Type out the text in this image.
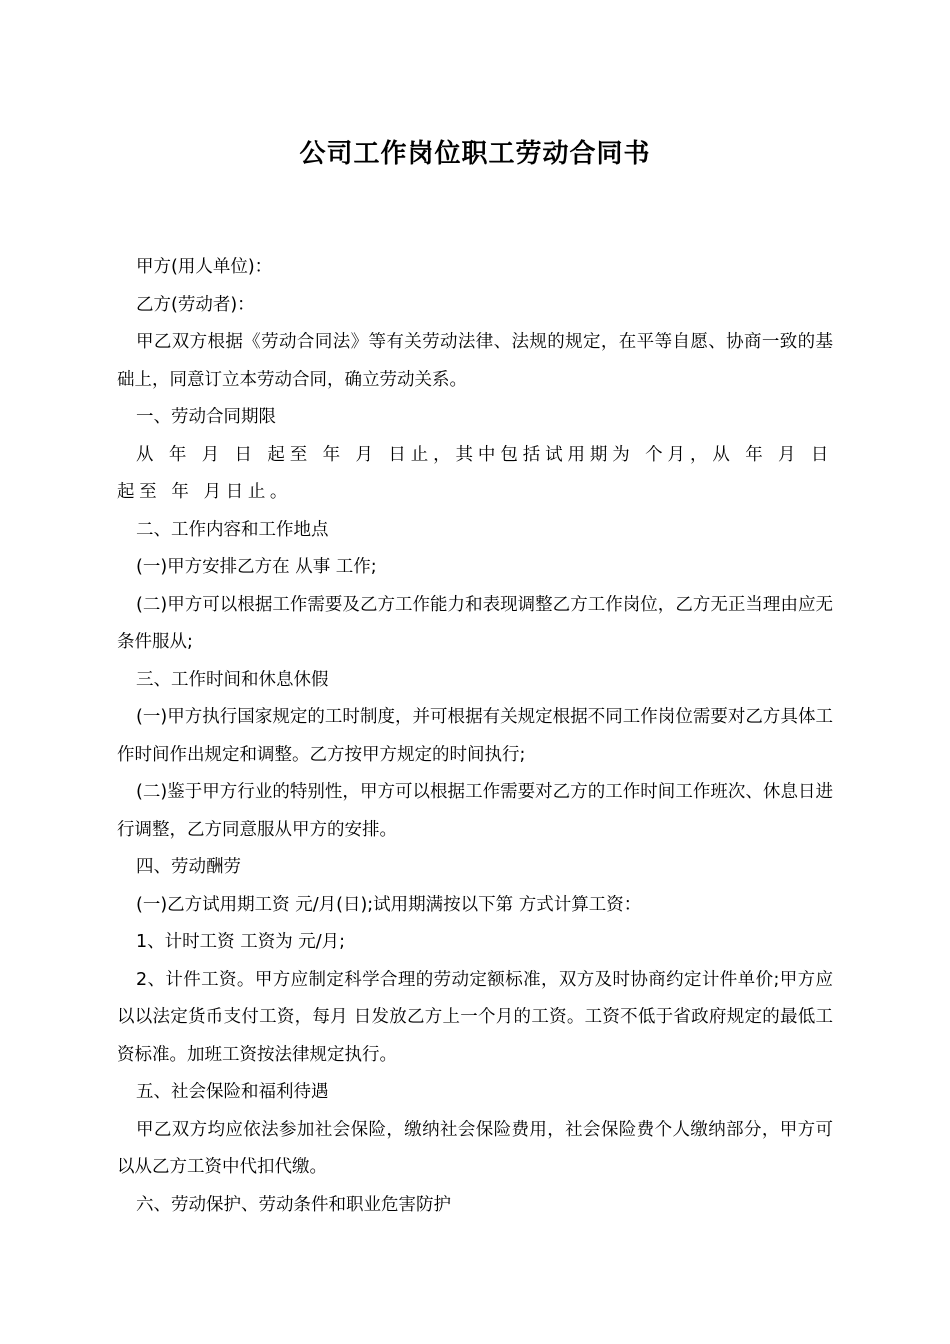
公司工作岗位职工劳动合同书

甲方(用人单位)：

乙方(劳动者)：

甲乙双方根据《劳动合同法》等有关劳动法律、法规的规定，在平等自愿、协商一致的基础上，同意订立本劳动合同，确立劳动关系。

一、劳动合同期限

从 年 月 日 起至 年 月 日止，其中包括试用期为 个月，从 年 月 日起至 年 月日止。

二、工作内容和工作地点

(一)甲方安排乙方在 从事 工作;

(二)甲方可以根据工作需要及乙方工作能力和表现调整乙方工作岗位，乙方无正当理由应无条件服从;

三、工作时间和休息休假

(一)甲方执行国家规定的工时制度，并可根据有关规定根据不同工作岗位需要对乙方具体工作时间作出规定和调整。乙方按甲方规定的时间执行;

(二)鉴于甲方行业的特别性，甲方可以根据工作需要对乙方的工作时间工作班次、休息日进行调整，乙方同意服从甲方的安排。

四、劳动酬劳

(一)乙方试用期工资 元/月(日);试用期满按以下第 方式计算工资：

1、计时工资 工资为 元/月;

2、计件工资。甲方应制定科学合理的劳动定额标准，双方及时协商约定计件单价;甲方应以以法定货币支付工资，每月 日发放乙方上一个月的工资。工资不低于省政府规定的最低工资标准。加班工资按法律规定执行。

五、社会保险和福利待遇

甲乙双方均应依法参加社会保险，缴纳社会保险费用，社会保险费个人缴纳部分，甲方可以从乙方工资中代扣代缴。

六、劳动保护、劳动条件和职业危害防护
